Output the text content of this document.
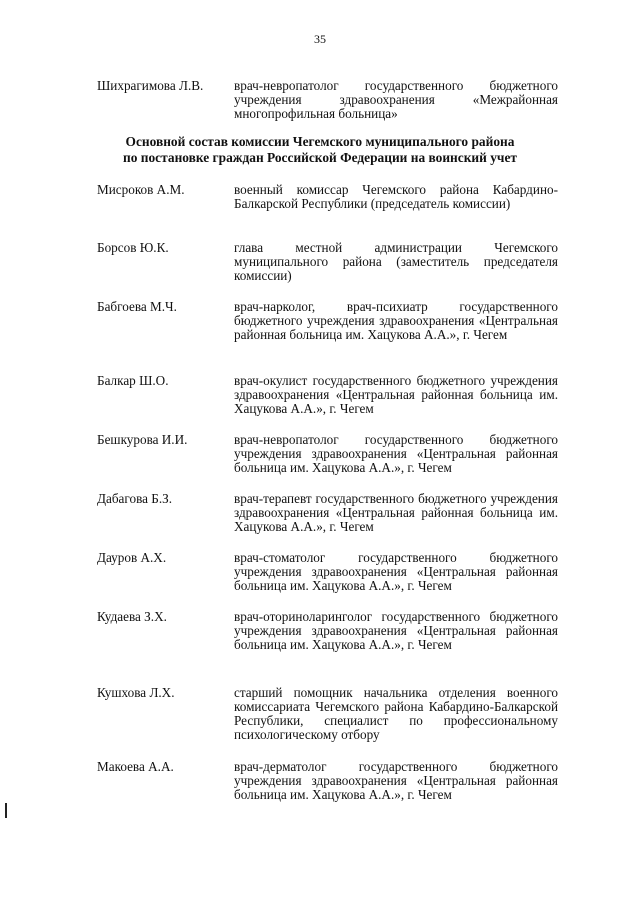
35
Шихрагимова Л.В. врач-невропатолог государственного бюджетного учреждения здравоохранения «Межрайонная многопрофильная больница»
Основной состав комиссии Чегемского муниципального района
по постановке граждан Российской Федерации на воинский учет
Мисроков А.М.	военный комиссар Чегемского района Кабардино-Балкарской Республики (председатель комиссии)
Борсов Ю.К.	глава местной администрации Чегемского муниципального района (заместитель председателя комиссии)
Бабгоева М.Ч.	врач-нарколог, врач-психиатр государственного бюджетного учреждения здравоохранения «Центральная районная больница им. Хацукова А.А.», г. Чегем
Балкар Ш.О.	врач-окулист государственного бюджетного учреждения здравоохранения «Центральная районная больница им. Хацукова А.А.», г. Чегем
Бешкурова И.И.	врач-невропатолог государственного бюджетного учреждения здравоохранения «Центральная районная больница им. Хацукова А.А.», г. Чегем
Дабагова Б.З.	врач-терапевт государственного бюджетного учреждения здравоохранения «Центральная районная больница им. Хацукова А.А.», г. Чегем
Дауров А.Х.	врач-стоматолог государственного бюджетного учреждения здравоохранения «Центральная районная больница им. Хацукова А.А.», г. Чегем
Кудаева З.Х.	врач-оториноларинголог государственного бюджетного учреждения здравоохранения «Центральная районная больница им. Хацукова А.А.», г. Чегем
Кушхова Л.Х.	старший помощник начальника отделения военного комиссариата Чегемского района Кабардино-Балкарской Республики, специалист по профессиональному психологическому отбору
Макоева А.А.	врач-дерматолог государственного бюджетного учреждения здравоохранения «Центральная районная больница им. Хацукова А.А.», г. Чегем
